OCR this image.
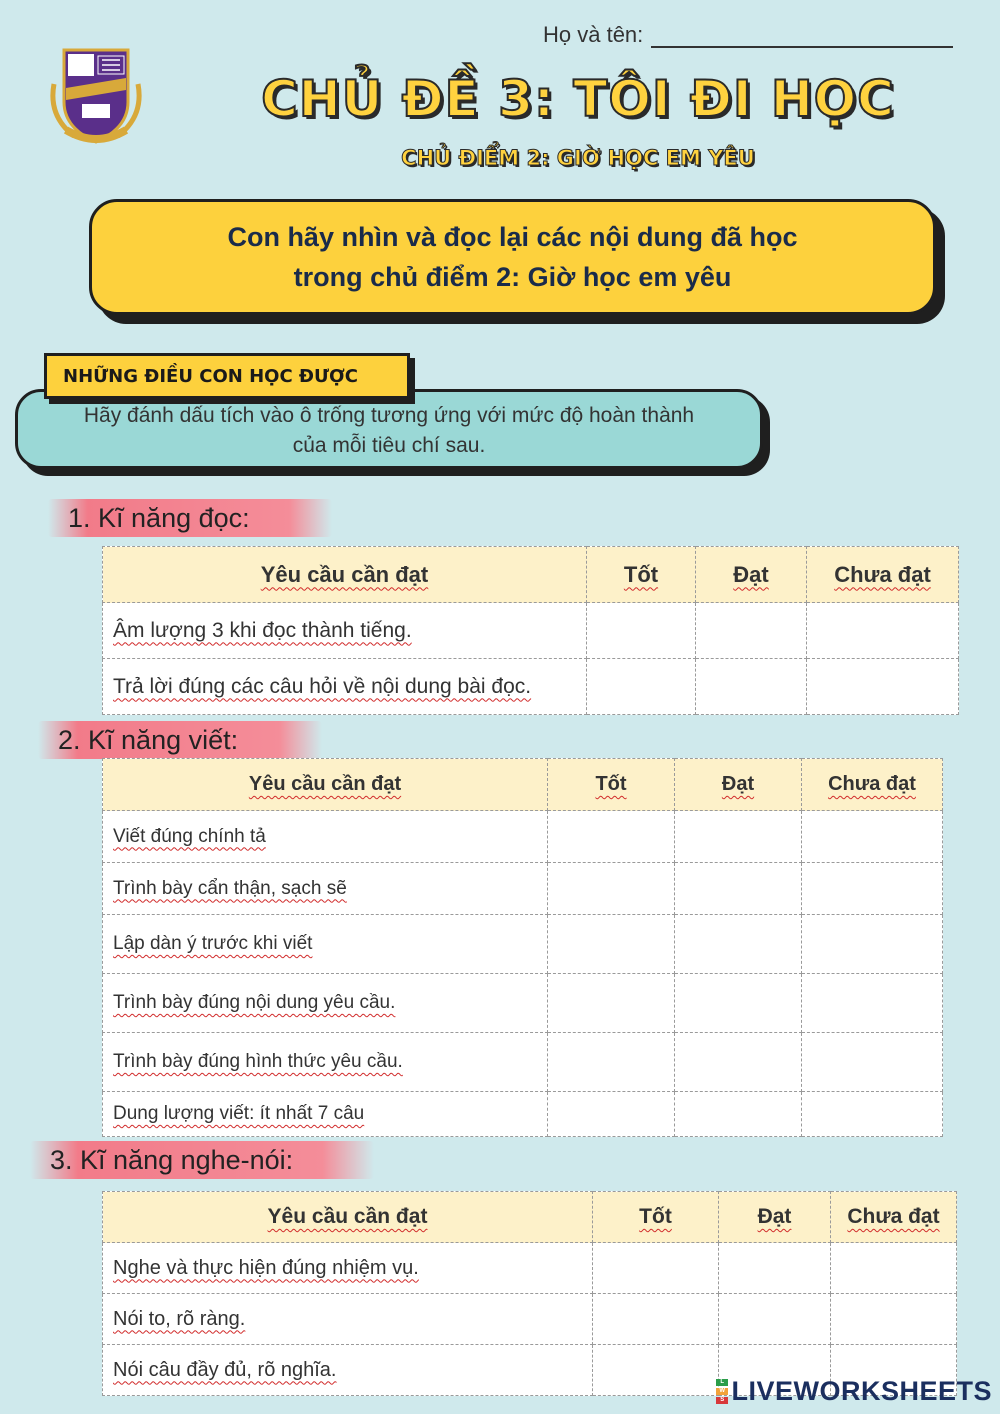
Họ và tên:
CHỦ ĐỀ 3: TÔI ĐI HỌC
CHỦ ĐIỂM 2: GIỜ HỌC EM YÊU
Con hãy nhìn và đọc lại các nội dung đã học
trong chủ điểm 2: Giờ học em yêu
NHỮNG ĐIỀU CON HỌC ĐƯỢC
Hãy đánh dấu tích vào ô trống tương ứng với mức độ hoàn thành
của mỗi tiêu chí sau.
1. Kĩ năng đọc:
Yêu cầu cần đạt	Tốt	Đạt	Chưa đạt
Âm lượng 3 khi đọc thành tiếng.			
Trả lời đúng các câu hỏi về nội dung bài đọc.			
2. Kĩ năng viết:
Yêu cầu cần đạt	Tốt	Đạt	Chưa đạt
Viết đúng chính tả			
Trình bày cẩn thận, sạch sẽ			
Lập dàn ý trước khi viết			
Trình bày đúng nội dung yêu cầu.			
Trình bày đúng hình thức yêu cầu.			
Dung lượng viết: ít nhất 7 câu			
3. Kĩ năng nghe-nói:
Yêu cầu cần đạt	Tốt	Đạt	Chưa đạt
Nghe và thực hiện đúng nhiệm vụ.			
Nói to, rõ ràng.			
Nói câu đầy đủ, rõ nghĩa.			
L
W
S LIVEWORKSHEETS
